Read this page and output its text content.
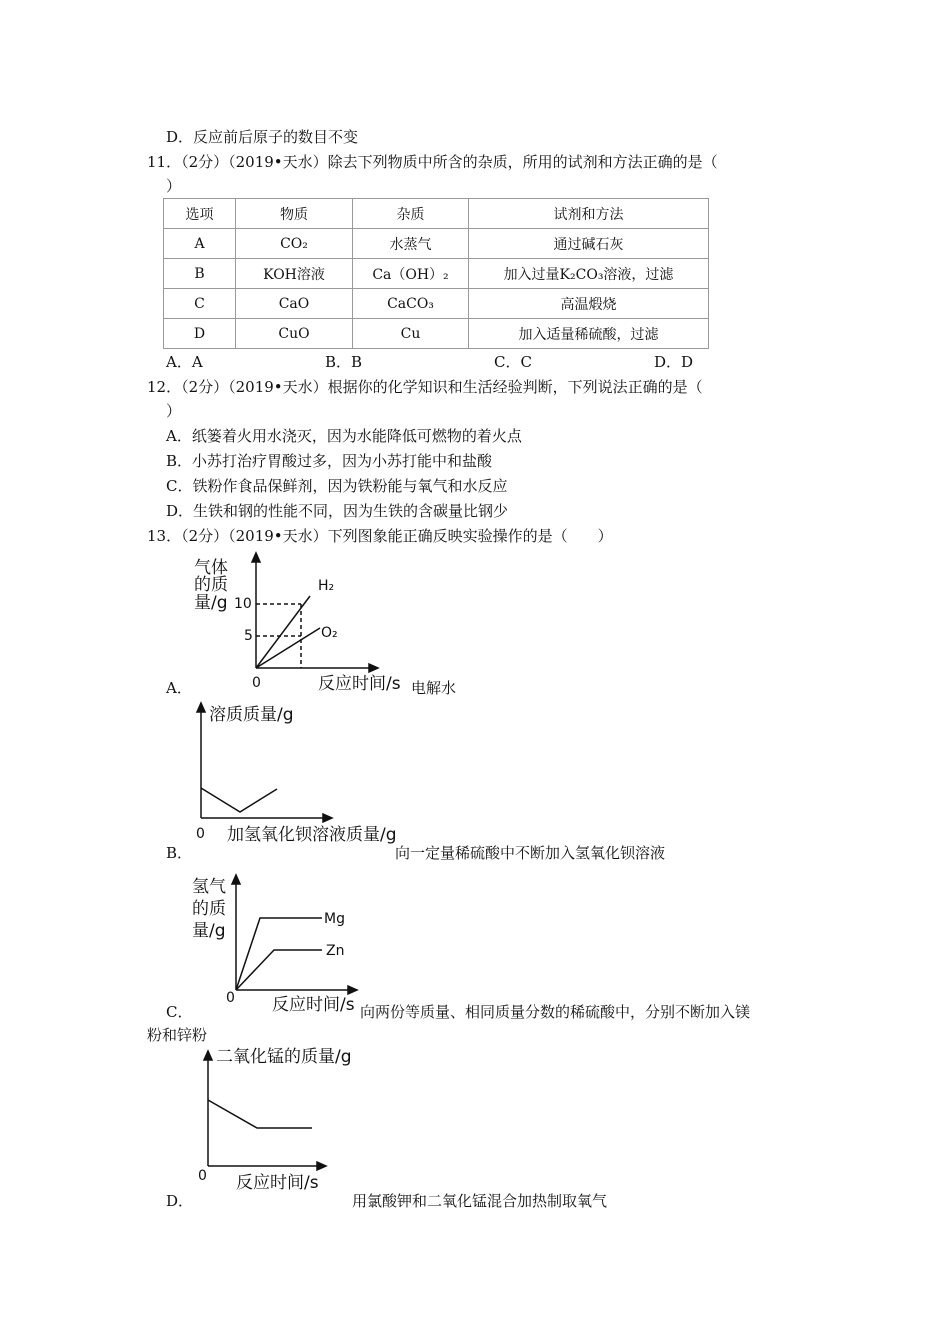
D．反应前后原子的数目不变
11．（2分）（2019•天水）除去下列物质中所含的杂质，所用的试剂和方法正确的是（
）
选项	物质	杂质	试剂和方法
A	CO₂	水蒸气	通过碱石灰
B	KOH溶液	Ca（OH）₂	加入过量K₂CO₃溶液，过滤
C	CaO	CaCO₃	高温煅烧
D	CuO	Cu	加入适量稀硫酸，过滤
A．A	B．B	C．C	D．D
12．（2分）（2019•天水）根据你的化学知识和生活经验判断，下列说法正确的是（
）
A．纸篓着火用水浇灭，因为水能降低可燃物的着火点
B．小苏打治疗胃酸过多，因为小苏打能中和盐酸
C．铁粉作食品保鲜剂，因为铁粉能与氧气和水反应
D．生铁和钢的性能不同，因为生铁的含碳量比钢少
13．（2分）（2019•天水）下列图象能正确反映实验操作的是（　　）
气体
的质
量/g 10
5
H₂
O₂
0	反应时间/s
溶质质量/g
0 加氢氧化钡溶液质量/g
氢气
的质
量/g
Mg
Zn
0 反应时间/s
二氧化锰的质量/g
0 反应时间/s
A．	电解水
B．	向一定量稀硫酸中不断加入氢氧化钡溶液
C．	向两份等质量、相同质量分数的稀硫酸中，分别不断加入镁
粉和锌粉
D．	用氯酸钾和二氧化锰混合加热制取氧气
